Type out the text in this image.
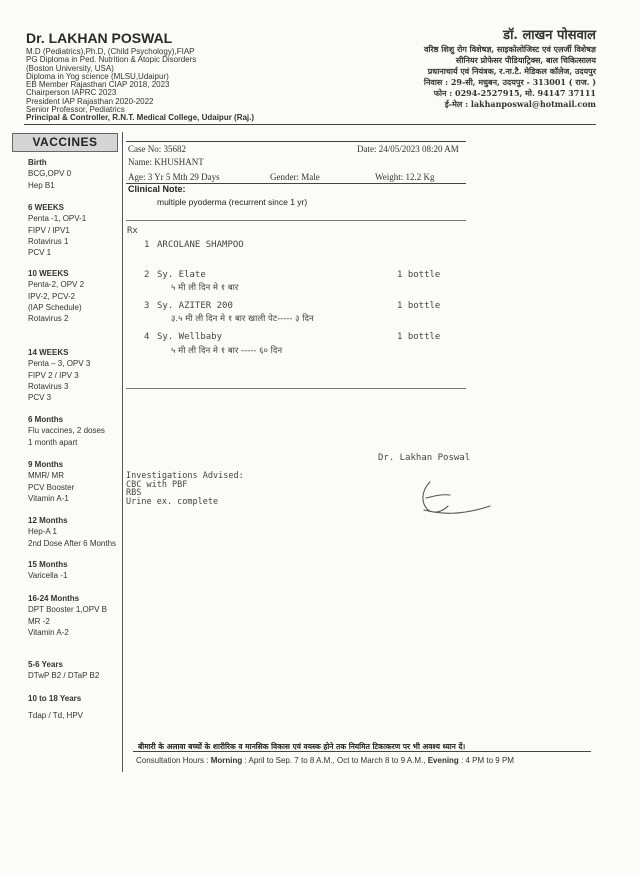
Dr. LAKHAN POSWAL
M.D (Pediatrics),Ph.D, (Child Psychology),FIAP
PG Diploma in Ped. Nutrition & Atopic Disorders
(Boston University, USA)
Diploma in Yog science (MLSU,Udaipur)
EB Member Rajasthan CIAP 2018, 2023
Chairperson IAPRC 2023
President IAP Rajasthan 2020-2022
Senior Professor, Pediatrics
Principal & Controller, R.N.T. Medical College, Udaipur (Raj.)
डॉ. लाखन पोसवाल
वरिष्ठ शिशु रोग विशेषज्ञ, साइकोलोजिस्ट एवं एलर्जी विशेषज्ञ
सीनियर प्रोफेसर पीडियाट्रिक्स, बाल चिकित्सालय
प्रधानाचार्य एवं नियंत्रक, र.ना.टै. मेडिकल कॉलेज, उदयपुर
निवास : 29-सी, मधुबन, उदयपुर - 313001 ( राज. )
फोन : 0294-2527915, मो. 94147 37111
ई-मेल : lakhanposwal@hotmail.com
VACCINES
Birth
BCG,OPV 0
Hep B1
6 WEEKS
Penta -1, OPV-1
FIPV / IPV1
Rotavirus 1
PCV 1
10 WEEKS
Penta-2, OPV 2
IPV-2, PCV-2
(IAP Schedule)
Rotavirus 2
14 WEEKS
Penta – 3, OPV 3
FIPV 2 / IPV 3
Rotavirus 3
PCV 3
6 Months
Flu vaccines, 2 doses
1 month apart
9 Months
MMR/ MR
PCV Booster
Vitamin A-1
12 Months
Hep-A 1
2nd Dose After 6 Months
15 Months
Varicella -1
16-24 Months
DPT Booster 1,OPV B
MR -2
Vitamin A-2
5-6 Years
DTwP B2 / DTaP B2
10 to 18 Years
Tdap / Td, HPV
Case No: 35682	Date: 24/05/2023 08:20 AM
Name: KHUSHANT
Age: 3 Yr 5 Mth 29 Days	Gender: Male	Weight: 12.2 Kg
Clinical Note:
multiple pyoderma (recurrent since 1 yr)
Rx
1 ARCOLANE SHAMPOO
2 Sy. Elate	1 bottle
५ मी ली दिन मे १ बार
3 Sy. AZITER 200	1 bottle
३.५ मी ली दिन मे १ बार खाली पेट----- ३ दिन
4 Sy. Wellbaby	1 bottle
५ मी ली दिन मे १ बार ----- ६० दिन
Dr. Lakhan Poswal
Investigations Advised:
CBC with PBF
RBS
Urine ex. complete
बीमारी के अलावा बच्चों के शारीरिक व मानसिक विकास एवं वयस्क होने तक नियमित टिकाकरण पर भी अवश्य ध्यान दें।
Consultation Hours : Morning : April to Sep. 7 to 8 A.M., Oct to March 8 to 9 A.M., Evening : 4 PM to 9 PM
